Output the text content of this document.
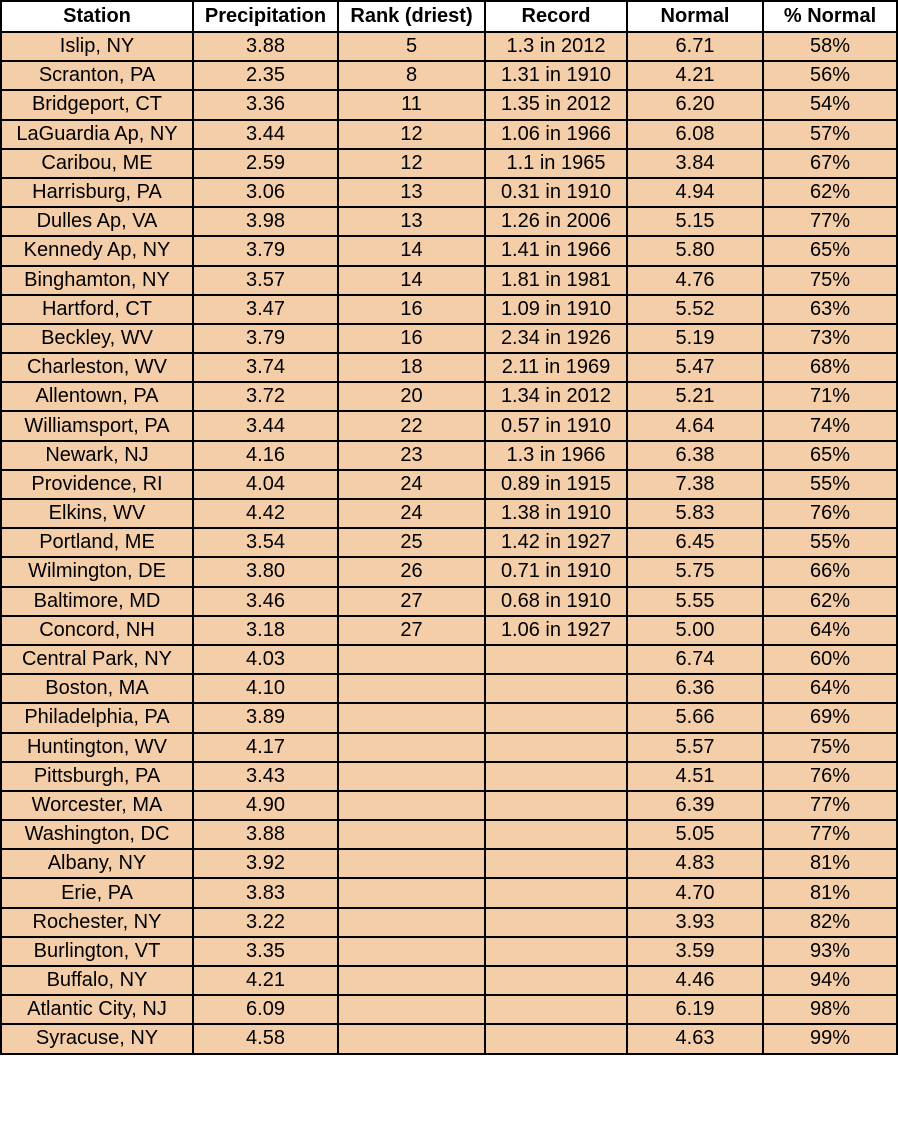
Station	Precipitation	Rank (driest)	Record	Normal	% Normal
Islip, NY	3.88	5	1.3 in 2012	6.71	58%
Scranton, PA	2.35	8	1.31 in 1910	4.21	56%
Bridgeport, CT	3.36	11	1.35 in 2012	6.20	54%
LaGuardia Ap, NY	3.44	12	1.06 in 1966	6.08	57%
Caribou, ME	2.59	12	1.1 in 1965	3.84	67%
Harrisburg, PA	3.06	13	0.31 in 1910	4.94	62%
Dulles Ap, VA	3.98	13	1.26 in 2006	5.15	77%
Kennedy Ap, NY	3.79	14	1.41 in 1966	5.80	65%
Binghamton, NY	3.57	14	1.81 in 1981	4.76	75%
Hartford, CT	3.47	16	1.09 in 1910	5.52	63%
Beckley, WV	3.79	16	2.34 in 1926	5.19	73%
Charleston, WV	3.74	18	2.11 in 1969	5.47	68%
Allentown, PA	3.72	20	1.34 in 2012	5.21	71%
Williamsport, PA	3.44	22	0.57 in 1910	4.64	74%
Newark, NJ	4.16	23	1.3 in 1966	6.38	65%
Providence, RI	4.04	24	0.89 in 1915	7.38	55%
Elkins, WV	4.42	24	1.38 in 1910	5.83	76%
Portland, ME	3.54	25	1.42 in 1927	6.45	55%
Wilmington, DE	3.80	26	0.71 in 1910	5.75	66%
Baltimore, MD	3.46	27	0.68 in 1910	5.55	62%
Concord, NH	3.18	27	1.06 in 1927	5.00	64%
Central Park, NY	4.03			6.74	60%
Boston, MA	4.10			6.36	64%
Philadelphia, PA	3.89			5.66	69%
Huntington, WV	4.17			5.57	75%
Pittsburgh, PA	3.43			4.51	76%
Worcester, MA	4.90			6.39	77%
Washington, DC	3.88			5.05	77%
Albany, NY	3.92			4.83	81%
Erie, PA	3.83			4.70	81%
Rochester, NY	3.22			3.93	82%
Burlington, VT	3.35			3.59	93%
Buffalo, NY	4.21			4.46	94%
Atlantic City, NJ	6.09			6.19	98%
Syracuse, NY	4.58			4.63	99%
